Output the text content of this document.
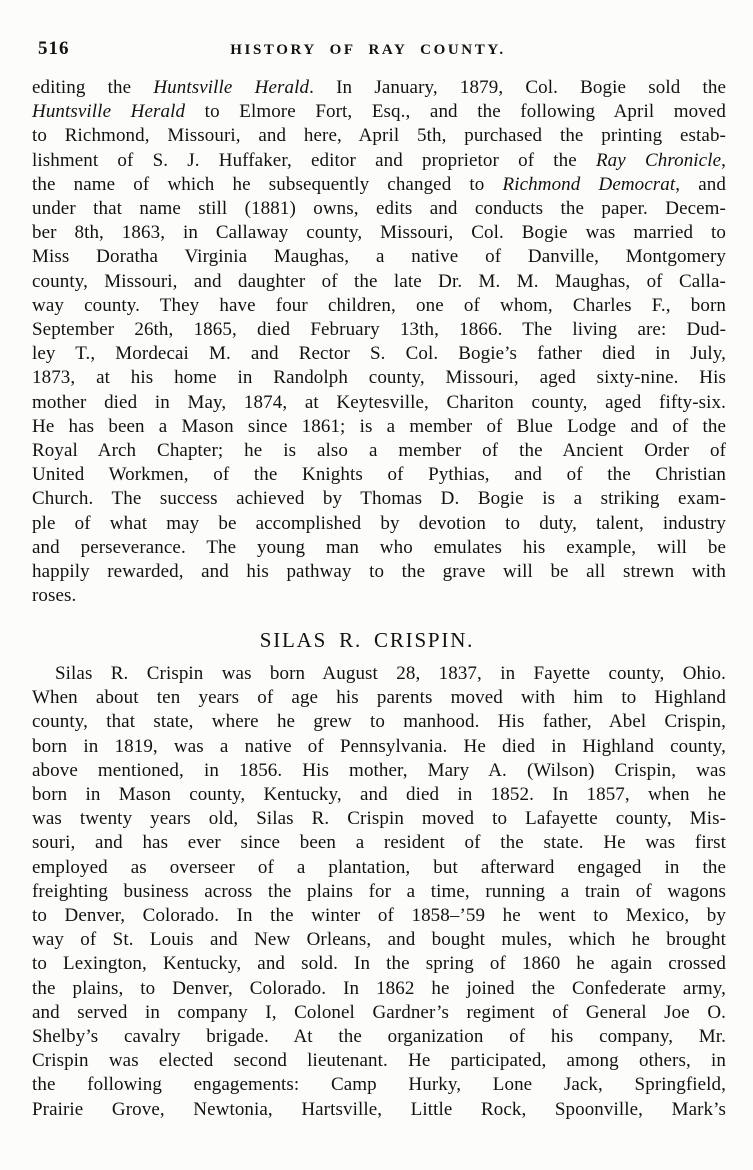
516	HISTORY OF RAY COUNTY.
editing the Huntsville Herald. In January, 1879, Col. Bogie sold the
Huntsville Herald to Elmore Fort, Esq., and the following April moved
to Richmond, Missouri, and here, April 5th, purchased the printing estab-
lishment of S. J. Huffaker, editor and proprietor of the Ray Chronicle,
the name of which he subsequently changed to Richmond Democrat, and
under that name still (1881) owns, edits and conducts the paper. Decem-
ber 8th, 1863, in Callaway county, Missouri, Col. Bogie was married to
Miss Doratha Virginia Maughas, a native of Danville, Montgomery
county, Missouri, and daughter of the late Dr. M. M. Maughas, of Calla-
way county. They have four children, one of whom, Charles F., born
September 26th, 1865, died February 13th, 1866. The living are: Dud-
ley T., Mordecai M. and Rector S. Col. Bogie’s father died in July,
1873, at his home in Randolph county, Missouri, aged sixty-nine. His
mother died in May, 1874, at Keytesville, Chariton county, aged fifty-six.
He has been a Mason since 1861; is a member of Blue Lodge and of the
Royal Arch Chapter; he is also a member of the Ancient Order of
United Workmen, of the Knights of Pythias, and of the Christian
Church. The success achieved by Thomas D. Bogie is a striking exam-
ple of what may be accomplished by devotion to duty, talent, industry
and perseverance. The young man who emulates his example, will be
happily rewarded, and his pathway to the grave will be all strewn with
roses.
SILAS R. CRISPIN.
Silas R. Crispin was born August 28, 1837, in Fayette county, Ohio.
When about ten years of age his parents moved with him to Highland
county, that state, where he grew to manhood. His father, Abel Crispin,
born in 1819, was a native of Pennsylvania. He died in Highland county,
above mentioned, in 1856. His mother, Mary A. (Wilson) Crispin, was
born in Mason county, Kentucky, and died in 1852. In 1857, when he
was twenty years old, Silas R. Crispin moved to Lafayette county, Mis-
souri, and has ever since been a resident of the state. He was first
employed as overseer of a plantation, but afterward engaged in the
freighting business across the plains for a time, running a train of wagons
to Denver, Colorado. In the winter of 1858–’59 he went to Mexico, by
way of St. Louis and New Orleans, and bought mules, which he brought
to Lexington, Kentucky, and sold. In the spring of 1860 he again crossed
the plains, to Denver, Colorado. In 1862 he joined the Confederate army,
and served in company I, Colonel Gardner’s regiment of General Joe O.
Shelby’s cavalry brigade. At the organization of his company, Mr.
Crispin was elected second lieutenant. He participated, among others, in
the following engagements: Camp Hurky, Lone Jack, Springfield,
Prairie Grove, Newtonia, Hartsville, Little Rock, Spoonville, Mark’s
